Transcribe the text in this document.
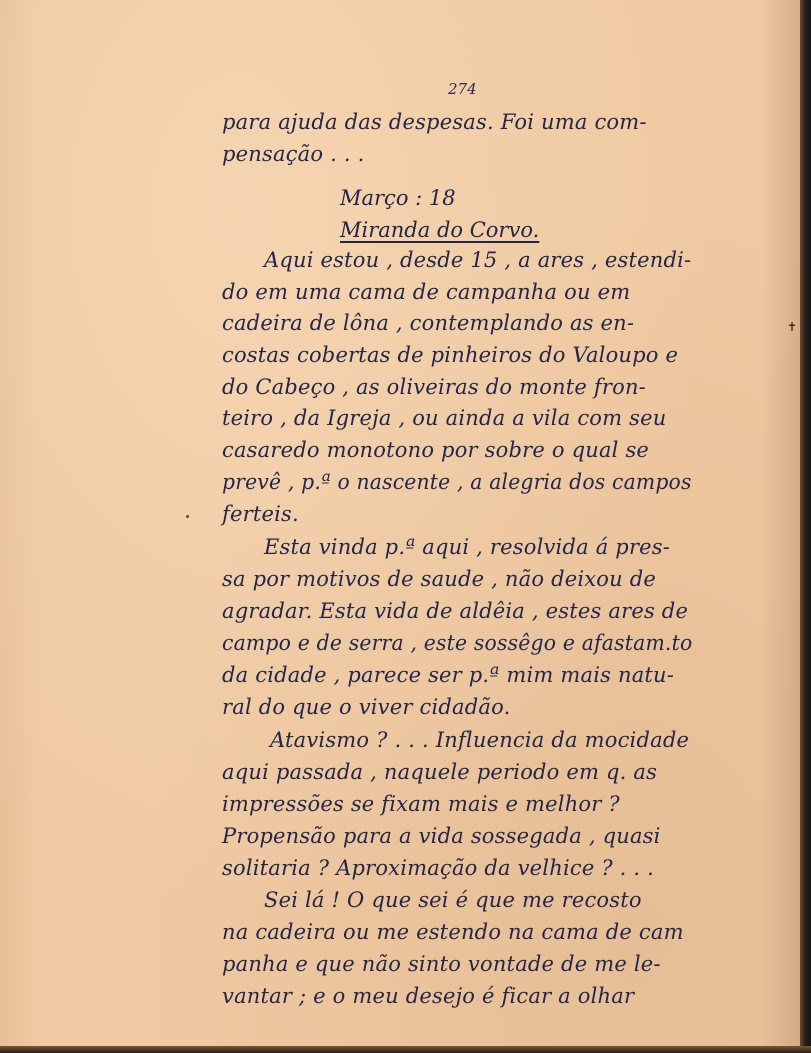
274
para ajuda das despesas. Foi uma com-
pensação . . .
Março : 18
Miranda do Corvo.
Aqui estou , desde 15 , a ares , estendi-
do em uma cama de campanha ou em
cadeira de lôna , contemplando as en-
costas cobertas de pinheiros do Valoupo e
do Cabeço , as oliveiras do monte fron-
teiro , da Igreja , ou ainda a vila com seu
casaredo monotono por sobre o qual se
prevê , p.ª o nascente , a alegria dos campos
ferteis.
Esta vinda p.ª aqui , resolvida á pres-
sa por motivos de saude , não deixou de
agradar. Esta vida de aldêia , estes ares de
campo e de serra , este sossêgo e afastam.to
da cidade , parece ser p.ª mim mais natu-
ral do que o viver cidadão.
Atavismo ? . . . Influencia da mocidade
aqui passada , naquele periodo em q. as
impressões se fixam mais e melhor ?
Propensão para a vida sossegada , quasi
solitaria ? Aproximação da velhice ? . . .
Sei lá ! O que sei é que me recosto
na cadeira ou me estendo na cama de cam
panha e que não sinto vontade de me le-
vantar ; e o meu desejo é ficar a olhar
✝
